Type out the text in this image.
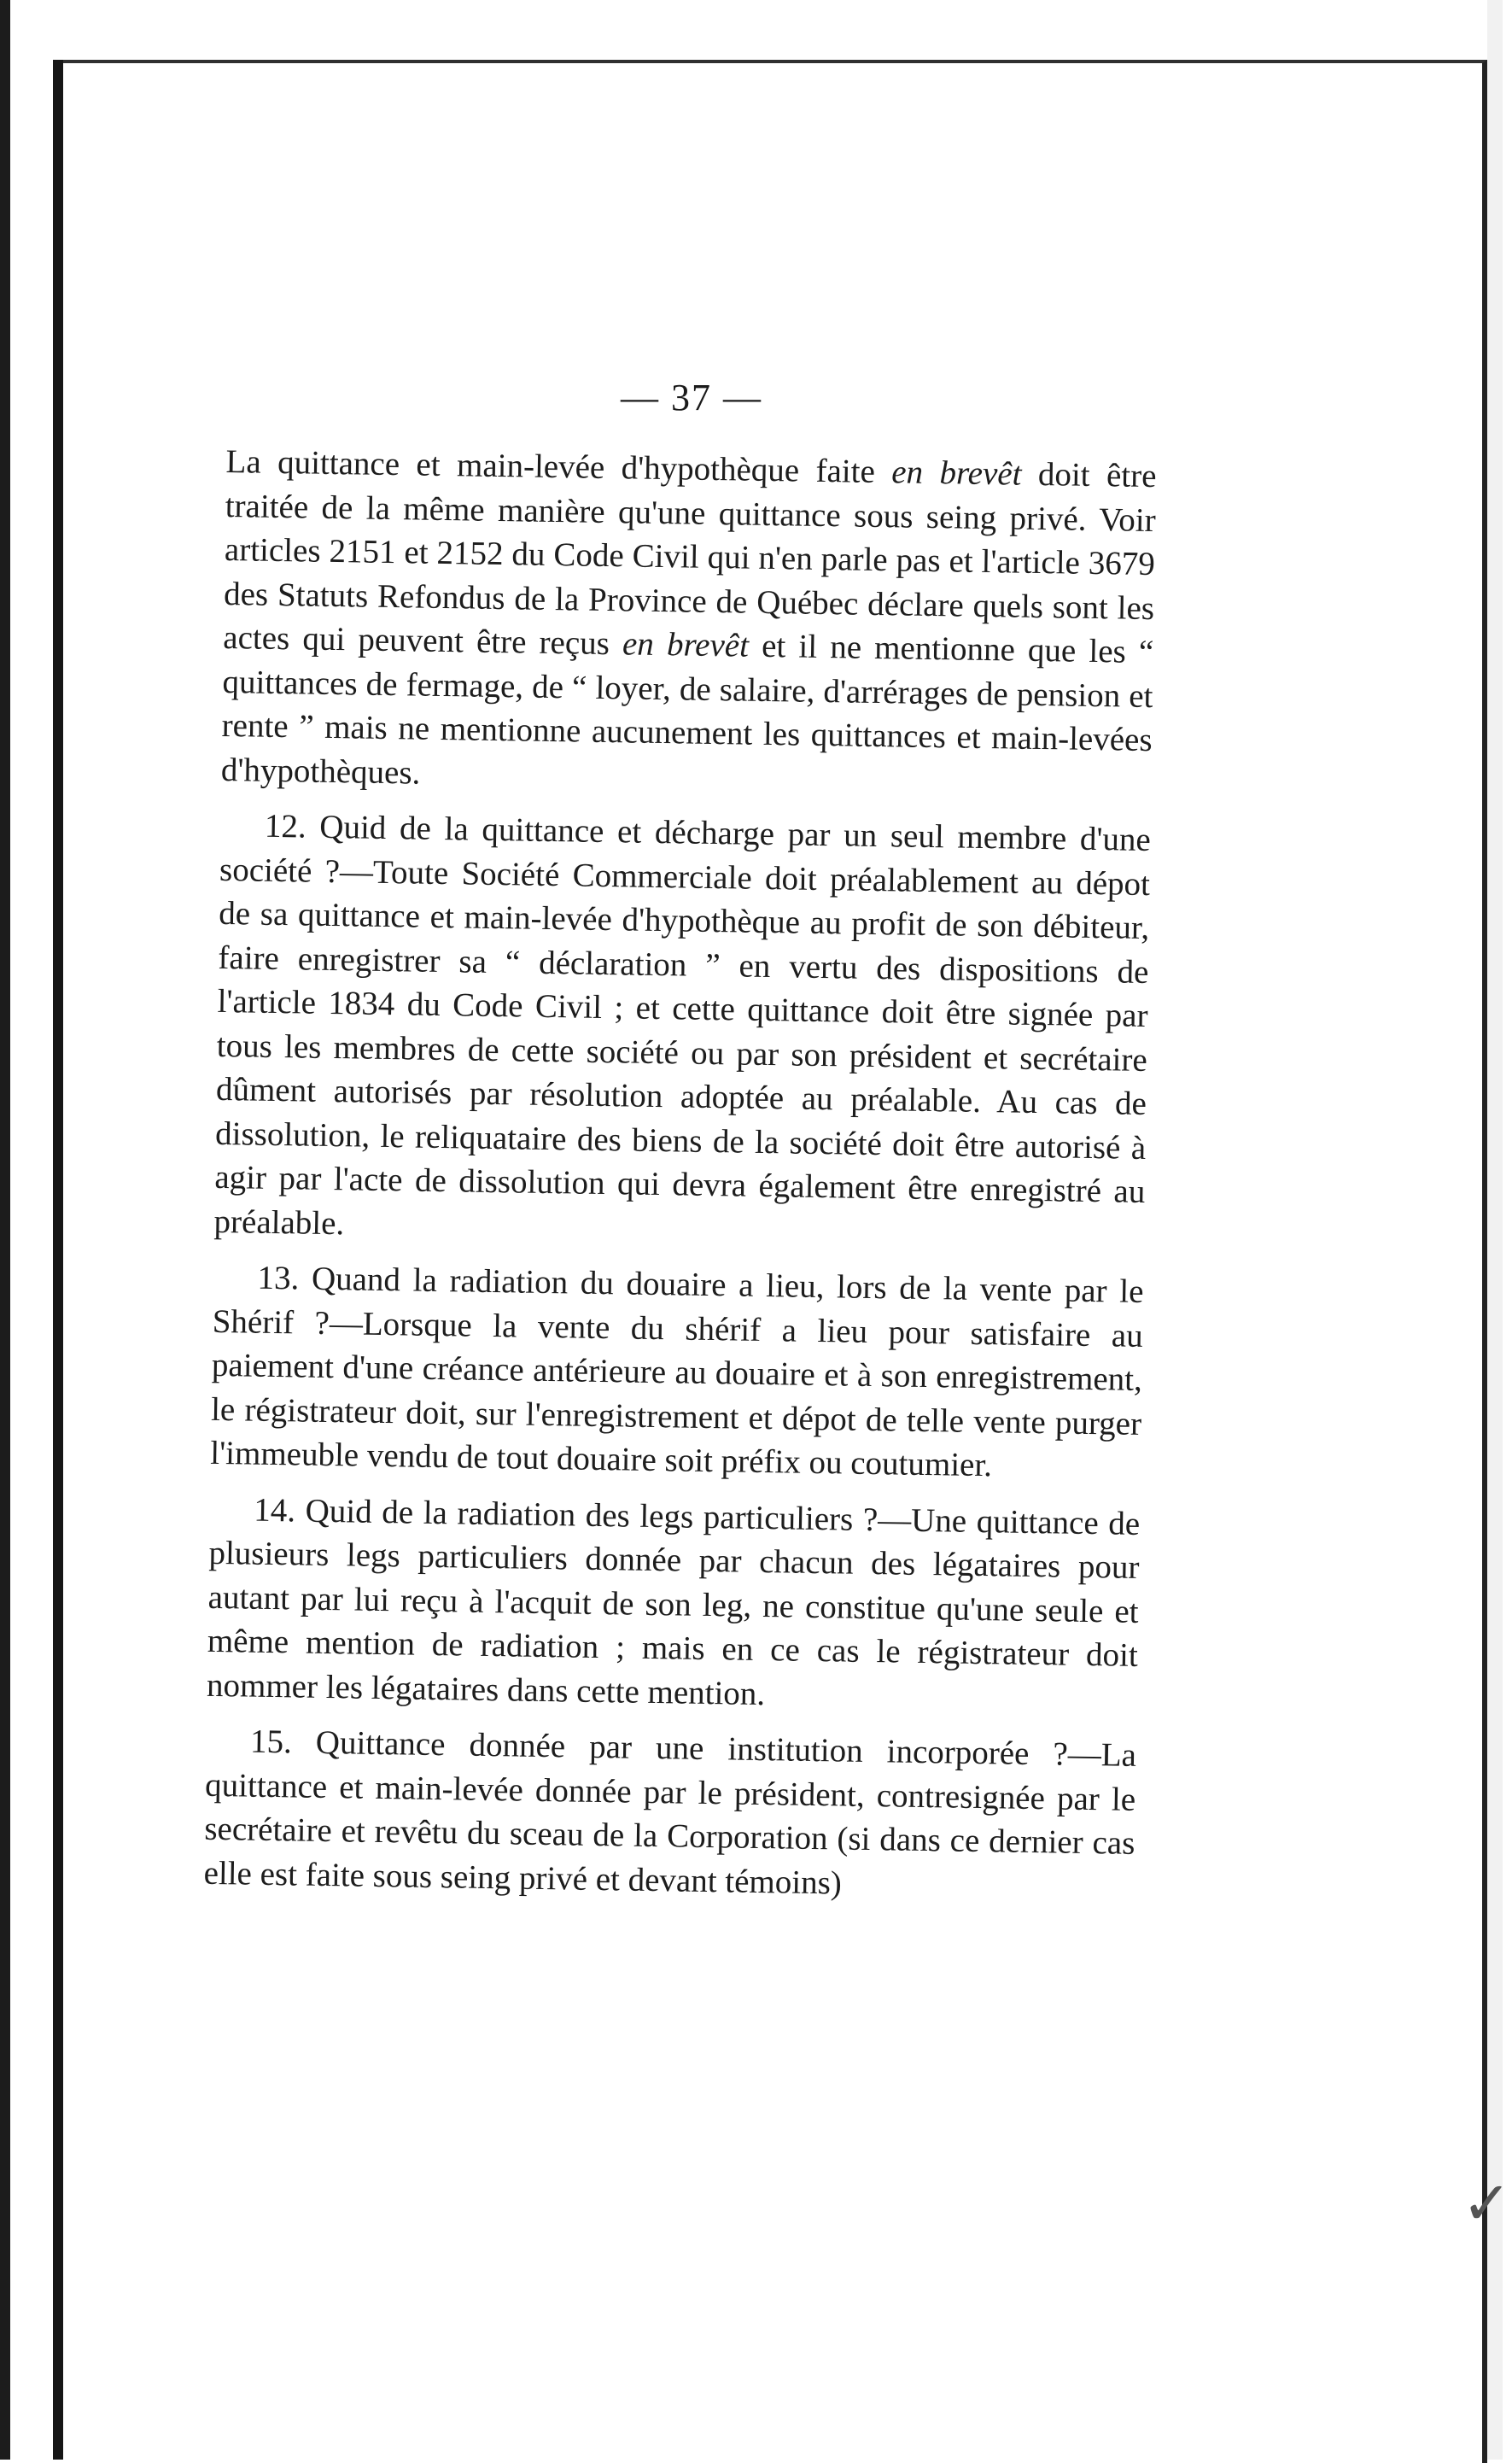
✓
— 37 —

La quittance et main-levée d'hypothèque faite en brevêt doit être traitée de la même manière qu'une quittance sous seing privé. Voir articles 2151 et 2152 du Code Civil qui n'en parle pas et l'article 3679 des Statuts Refondus de la Province de Québec déclare quels sont les actes qui peuvent être reçus en brevêt et il ne mentionne que les “ quittances de fermage, de “ loyer, de salaire, d'arrérages de pension et rente ” mais ne mentionne aucunement les quittances et main-levées d'hypothèques.

12. Quid de la quittance et décharge par un seul membre d'une société ?—Toute Société Commerciale doit préalablement au dépot de sa quittance et main-levée d'hypothèque au profit de son débiteur, faire enregistrer sa “ déclaration ” en vertu des dispositions de l'article 1834 du Code Civil ; et cette quittance doit être signée par tous les membres de cette société ou par son président et secrétaire dûment autorisés par résolution adoptée au préalable. Au cas de dissolution, le reliquataire des biens de la société doit être autorisé à agir par l'acte de dissolution qui devra également être enregistré au préalable.

13. Quand la radiation du douaire a lieu, lors de la vente par le Shérif ?—Lorsque la vente du shérif a lieu pour satisfaire au paiement d'une créance antérieure au douaire et à son enregistrement, le régistrateur doit, sur l'enregistrement et dépot de telle vente purger l'immeuble vendu de tout douaire soit préfix ou coutumier.

14. Quid de la radiation des legs particuliers ?—Une quittance de plusieurs legs particuliers donnée par chacun des légataires pour autant par lui reçu à l'acquit de son leg, ne constitue qu'une seule et même mention de radiation ; mais en ce cas le régistrateur doit nommer les légataires dans cette mention.

15. Quittance donnée par une institution incorporée ?—La quittance et main-levée donnée par le président, contresignée par le secrétaire et revêtu du sceau de la Corporation (si dans ce dernier cas elle est faite sous seing privé et devant témoins)
